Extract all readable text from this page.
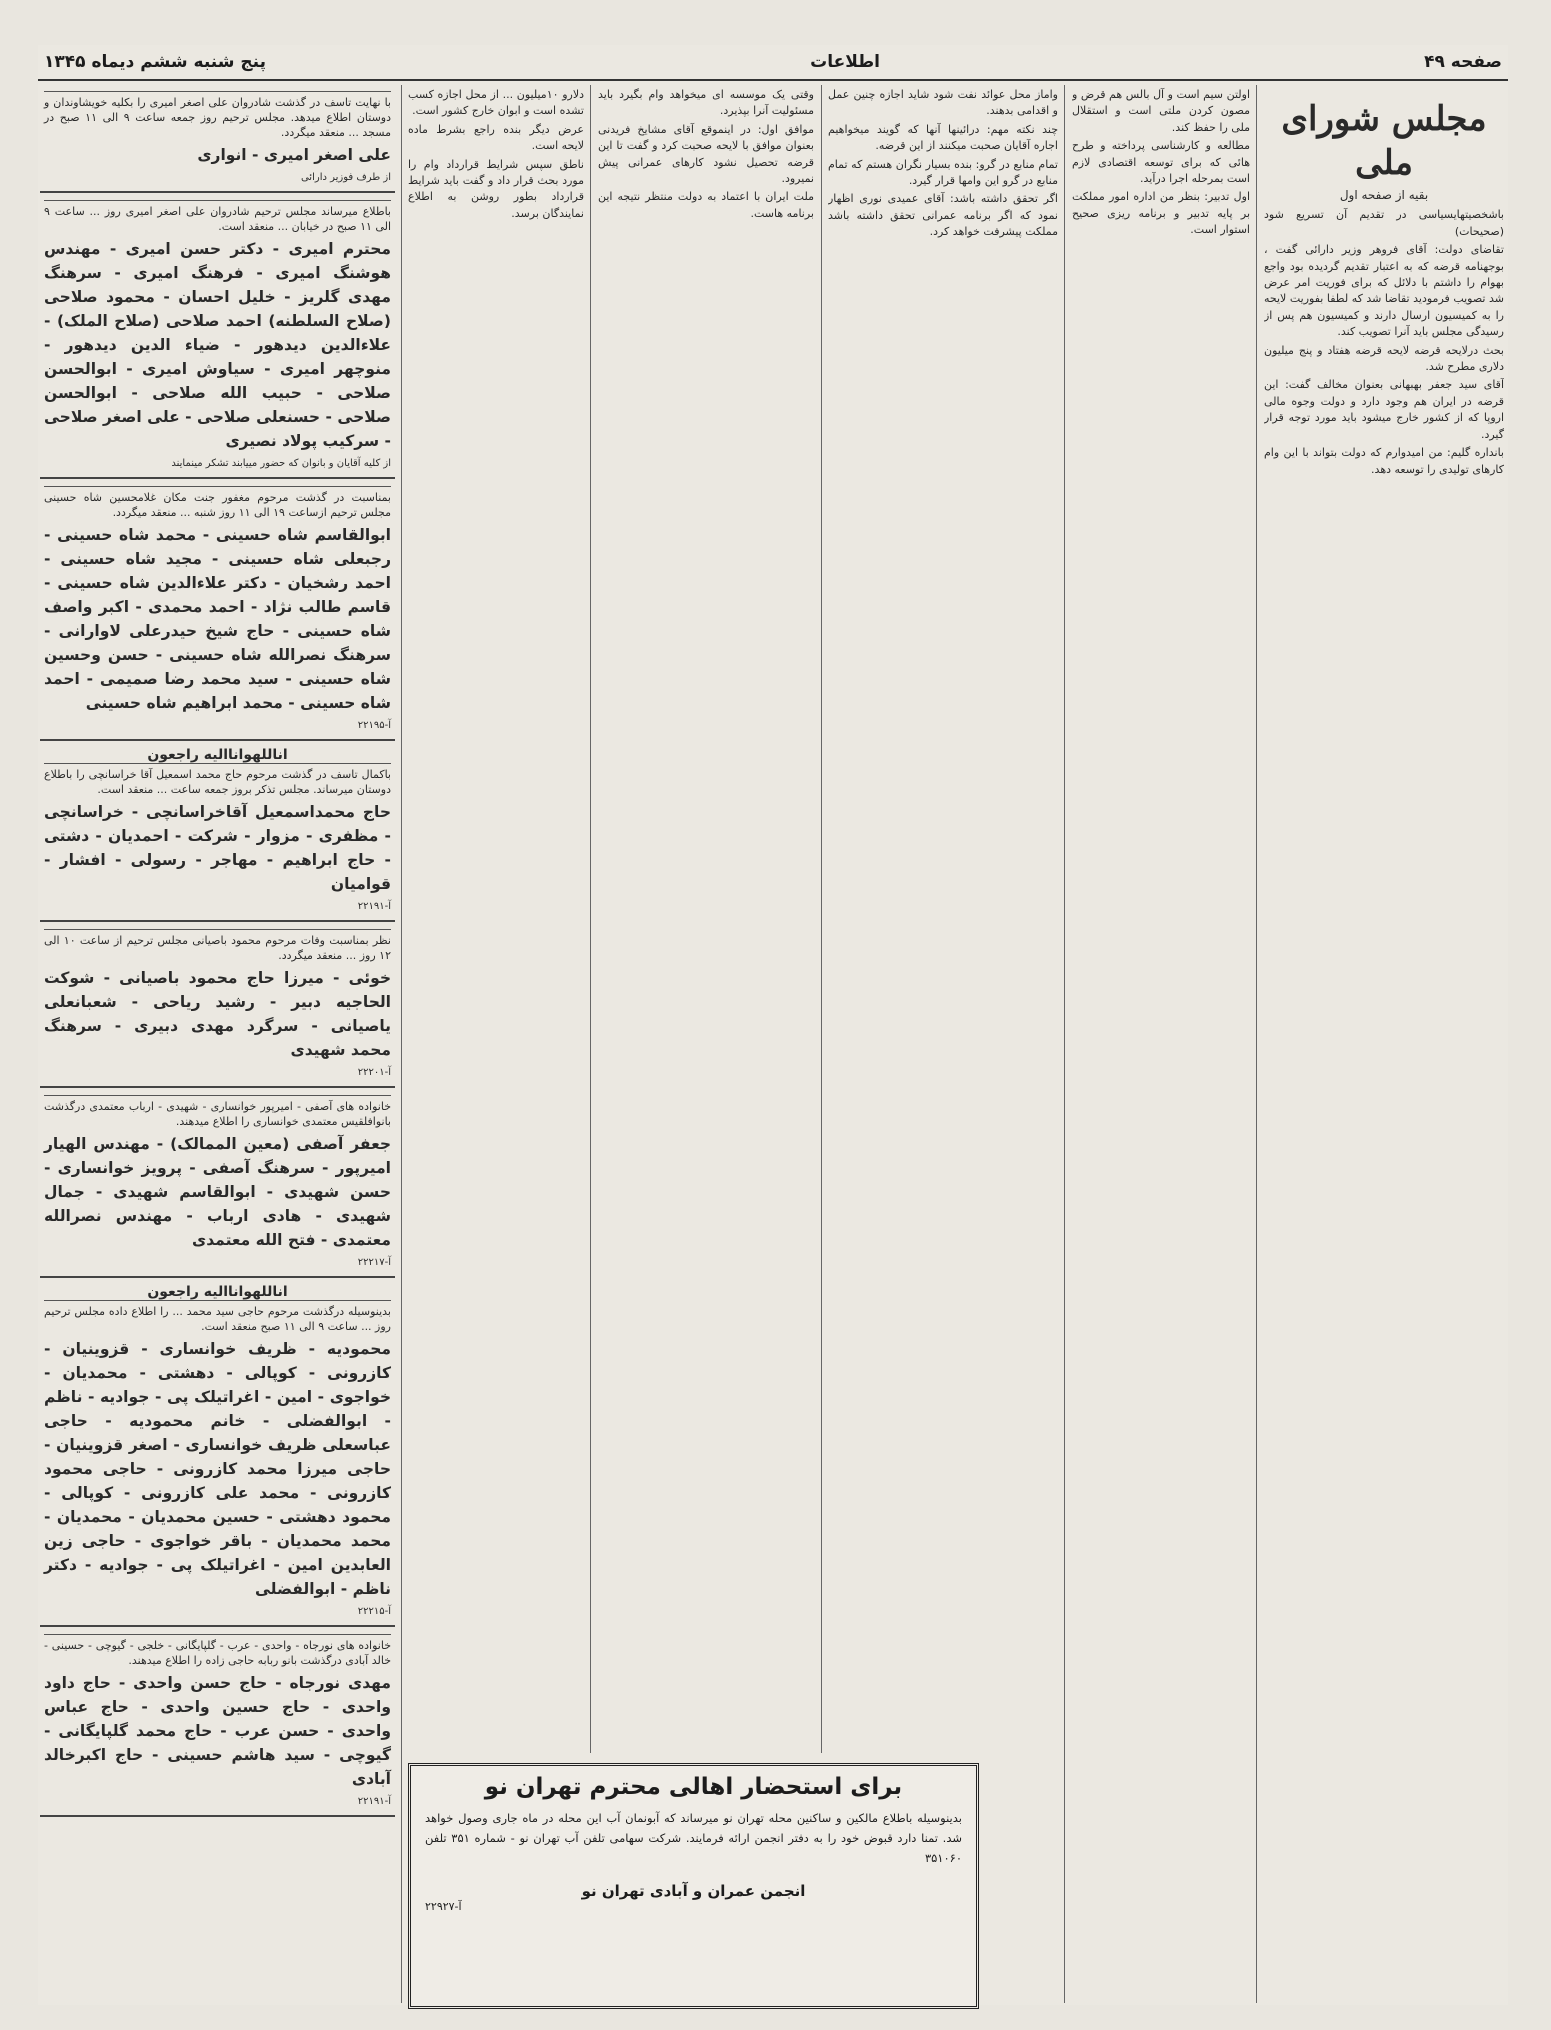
صفحه ۴۹
اطلاعات
پنج شنبه ششم دیماه ۱۳۴۵
مجلس شورای ملی
بقیه از صفحه اول

باشخصیتهایسیاسی در تقدیم آن تسریع شود (صحیحات)

تقاضای دولت: آقای فروهر وزیر دارائی گفت ، بوجهنامه قرضه که به اعتبار تقدیم گردیده بود واجع بهوام را داشتم با دلائل که برای فوریت امر عرض شد تصویب فرمودید تقاضا شد که لطفا بفوریت لایحه را به کمیسیون ارسال دارند و کمیسیون هم پس از رسیدگی مجلس باید آنرا تصویب کند.

بحث درلایحه قرضه لایحه قرضه هفتاد و پنج میلیون دلاری مطرح شد.

آقای سید جعفر بهبهانی بعنوان مخالف گفت: این قرضه در ایران هم وجود دارد و دولت وجوه مالی اروپا که از کشور خارج میشود باید مورد توجه قرار گیرد.

بانداره گلیم: من امیدوارم که دولت بتواند با این وام کارهای تولیدی را توسعه دهد.

اولتن سیم است و آل بالس هم قرض و مصون کردن ملتی است و استقلال ملی را حفظ کند.

مطالعه و کارشناسی پرداخته و طرح هائی که برای توسعه اقتصادی لازم است بمرحله اجرا درآید.

اول تدبیر: بنظر من اداره امور مملکت بر پایه تدبیر و برنامه ریزی صحیح استوار است.

واماز محل عوائد نفت شود شاید اجازه چنین عمل و اقدامی بدهند.

چند نکته مهم: درائینها آنها که گویند میخواهیم اجاره آقایان صحبت میکنند از این قرضه.

تمام منابع در گرو: بنده بسیار نگران هستم که تمام منابع در گرو این وامها قرار گیرد.

اگر تحقق داشته باشد: آقای عمیدی نوری اظهار نمود که اگر برنامه عمرانی تحقق داشته باشد مملکت پیشرفت خواهد کرد.

وقتی یک موسسه ای میخواهد وام بگیرد باید مسئولیت آنرا بپذیرد.

موافق اول: در اینموقع آقای مشایخ فریدنی بعنوان موافق با لایحه صحبت کرد و گفت تا این قرضه تحصیل نشود کارهای عمرانی پیش نمیرود.

ملت ایران با اعتماد به دولت منتظر نتیجه این برنامه هاست.

دلارو ۱۰میلیون ... از محل اجازه کسب تشده است و ابوان خارج کشور است.

عرض دیگر بنده راجع بشرط ماده لایحه است.

ناطق سپس شرایط قرارداد وام را مورد بحث قرار داد و گفت باید شرایط قرارداد بطور روشن به اطلاع نمایندگان برسد.

با نهایت تاسف در گذشت شادروان علی اصغر امیری را بکلیه خویشاوندان و دوستان اطلاع میدهد. مجلس ترحیم روز جمعه ساعت ۹ الی ۱۱ صبح در مسجد ... منعقد میگردد.
علی اصغر امیری - انواری
از طرف فوزیر دارائی
باطلاع میرساند مجلس ترحیم شادروان علی اصغر امیری روز ... ساعت ۹ الی ۱۱ صبح در خیابان ... منعقد است.
محترم امیری - دکتر حسن امیری - مهندس هوشنگ امیری - فرهنگ امیری - سرهنگ مهدی گلریز - خلیل احسان - محمود صلاحی (صلاح السلطنه) احمد صلاحی (صلاح الملک) - علاءالدین دیدهور - ضیاء الدین دیدهور - منوچهر امیری - سیاوش امیری - ابوالحسن صلاحی - حبیب الله صلاحی - ابوالحسن صلاحی - حسنعلی صلاحی - علی اصغر صلاحی - سرکیب پولاد نصیری
از کلیه آقایان و بانوان که حضور مییابند تشکر مینمایند
بمناسبت در گذشت مرحوم مغفور جنت مکان غلامحسین شاه حسینی مجلس ترحیم ازساعت ۱۹ الی ۱۱ روز شنبه ... منعقد میگردد.
ابوالقاسم شاه حسینی - محمد شاه حسینی - رجبعلی شاه حسینی - مجید شاه حسینی - احمد رشخیان - دکتر علاءالدین شاه حسینی - قاسم طالب نژاد - احمد محمدی - اکبر واصف شاه حسینی - حاج شیخ حیدرعلی لاوارانی - سرهنگ نصرالله شاه حسینی - حسن وحسین شاه حسینی - سید محمد رضا صمیمی - احمد شاه حسینی - محمد ابراهیم شاه حسینی
آ-۲۲۱۹۵
اناللهوانااليه راجعون
باکمال تاسف در گذشت مرحوم حاج محمد اسمعیل آقا خراسانچی را باطلاع دوستان میرساند. مجلس تذکر بروز جمعه ساعت ... منعقد است.
حاج محمداسمعیل آقاخراسانچی - خراسانچی - مظفری - مزوار - شرکت - احمدیان - دشتی - حاج ابراهیم - مهاجر - رسولی - افشار - قوامیان
آ-۲۲۱۹۱
نظر بمناسبت وفات مرحوم محمود باصیانی مجلس ترحیم از ساعت ۱۰ الی ۱۲ روز ... منعقد میگردد.
خوئی - میرزا حاج محمود باصیانی - شوکت الحاجیه دبیر - رشید ریاحی - شعبانعلی یاصیانی - سرگرد مهدی دبیری - سرهنگ محمد شهیدی
آ-۲۲۲۰۱
خانواده های آصفی - امیرپور خوانساری - شهیدی - ارباب معتمدی درگذشت بانوافلقیس معتمدی خوانساری را اطلاع میدهند.
جعفر آصفی (معین الممالک) - مهندس الهیار امیرپور - سرهنگ آصفی - پرویز خوانساری - حسن شهیدی - ابوالقاسم شهیدی - جمال شهیدی - هادی ارباب - مهندس نصرالله معتمدی - فتح الله معتمدی
آ-۲۲۲۱۷
اناللهوانااليه راجعون
بدینوسیله درگذشت مرحوم حاجی سید محمد ... را اطلاع داده مجلس ترحیم روز ... ساعت ۹ الی ۱۱ صبح منعقد است.
محمودیه - ظریف خوانساری - قزوینیان - کازرونی - کوپالی - دهشتی - محمدیان - خواجوی - امین - اغراتیلک پی - جوادیه - ناظم - ابوالفضلی - خانم محمودیه - حاجی عباسعلی ظریف خوانساری - اصغر قزوینیان - حاجی میرزا محمد کازرونی - حاجی محمود کازرونی - محمد علی کازرونی - کوپالی - محمود دهشتی - حسین محمدیان - محمدیان - محمد محمدیان - باقر خواجوی - حاجی زین العابدین امین - اغراتیلک پی - جوادیه - دکتر ناظم - ابوالفضلی
آ-۲۲۲۱۵
خانواده های نورجاه - واحدی - عرب - گلپایگانی - خلجی - گیوچی - حسینی - خالد آبادی درگذشت بانو ربابه حاجی زاده را اطلاع میدهند.
مهدی نورجاه - حاج حسن واحدی - حاج داود واحدی - حاج حسین واحدی - حاج عباس واحدی - حسن عرب - حاج محمد گلپایگانی - گیوچی - سید هاشم حسینی - حاج اکبرخالد آبادی
آ-۲۲۱۹۱
برای استحضار اهالی محترم تهران نو
بدینوسیله باطلاع مالکین و ساکنین محله تهران نو میرساند که آبونمان آب این محله در ماه جاری وصول خواهد شد. تمنا دارد قبوض خود را به دفتر انجمن ارائه فرمایند. شرکت سهامی تلفن آب تهران نو - شماره ۳۵۱ تلفن ۳۵۱۰۶۰
انجمن عمران و آبادی تهران نو
آ-۲۲۹۲۷
